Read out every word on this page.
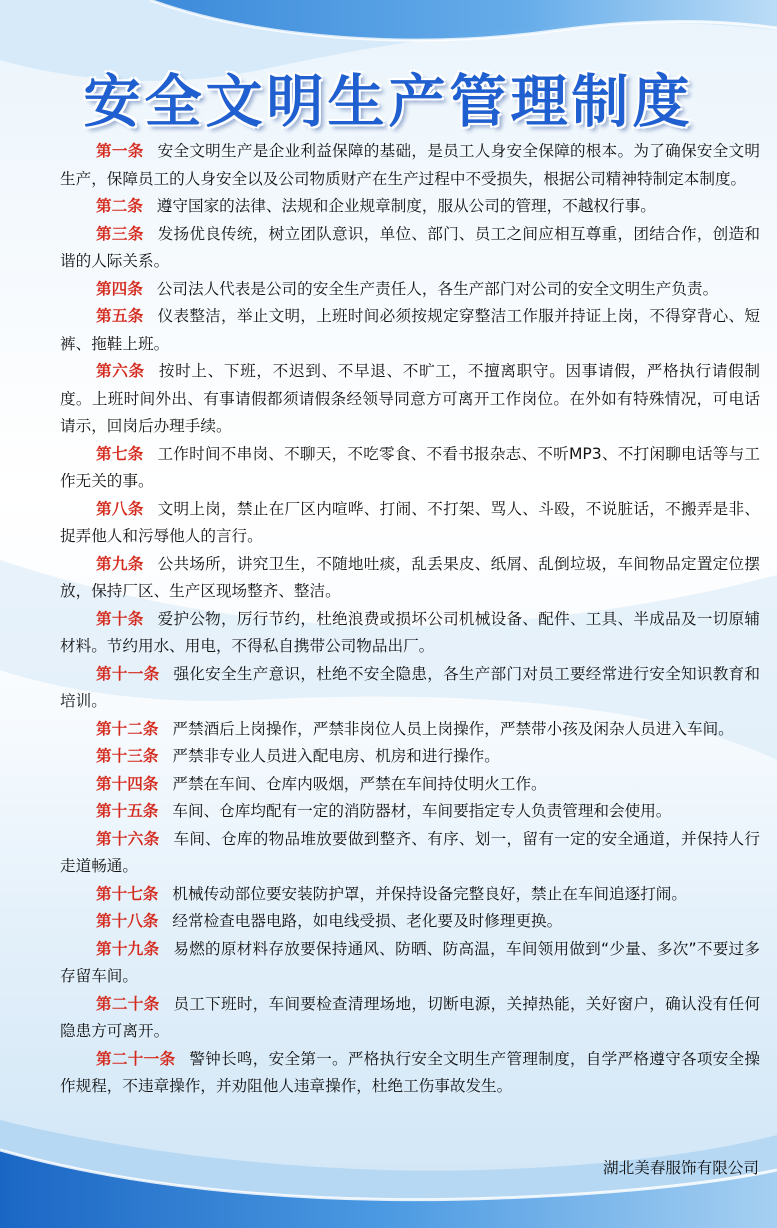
安全文明生产管理制度

第一条 安全文明生产是企业利益保障的基础，是员工人身安全保障的根本。为了确保安全文明生产，保障员工的人身安全以及公司物质财产在生产过程中不受损失，根据公司精神特制定本制度。

第二条 遵守国家的法律、法规和企业规章制度，服从公司的管理，不越权行事。

第三条 发扬优良传统，树立团队意识，单位、部门、员工之间应相互尊重，团结合作，创造和谐的人际关系。

第四条 公司法人代表是公司的安全生产责任人，各生产部门对公司的安全文明生产负责。

第五条 仪表整洁，举止文明，上班时间必须按规定穿整洁工作服并持证上岗，不得穿背心、短裤、拖鞋上班。

第六条 按时上、下班，不迟到、不早退、不旷工，不擅离职守。因事请假，严格执行请假制度。上班时间外出、有事请假都须请假条经领导同意方可离开工作岗位。在外如有特殊情况，可电话请示，回岗后办理手续。

第七条 工作时间不串岗、不聊天，不吃零食、不看书报杂志、不听MP3、不打闲聊电话等与工作无关的事。

第八条 文明上岗，禁止在厂区内喧哗、打闹、不打架、骂人、斗殴，不说脏话，不搬弄是非、捉弄他人和污辱他人的言行。

第九条 公共场所，讲究卫生，不随地吐痰，乱丢果皮、纸屑、乱倒垃圾，车间物品定置定位摆放，保持厂区、生产区现场整齐、整洁。

第十条 爱护公物，厉行节约，杜绝浪费或损坏公司机械设备、配件、工具、半成品及一切原辅材料。节约用水、用电，不得私自携带公司物品出厂。

第十一条 强化安全生产意识，杜绝不安全隐患，各生产部门对员工要经常进行安全知识教育和培训。

第十二条 严禁酒后上岗操作，严禁非岗位人员上岗操作，严禁带小孩及闲杂人员进入车间。

第十三条 严禁非专业人员进入配电房、机房和进行操作。

第十四条 严禁在车间、仓库内吸烟，严禁在车间持仗明火工作。

第十五条 车间、仓库均配有一定的消防器材，车间要指定专人负责管理和会使用。

第十六条 车间、仓库的物品堆放要做到整齐、有序、划一，留有一定的安全通道，并保持人行走道畅通。

第十七条 机械传动部位要安装防护罩，并保持设备完整良好，禁止在车间追逐打闹。

第十八条 经常检查电器电路，如电线受损、老化要及时修理更换。

第十九条 易燃的原材料存放要保持通风、防晒、防高温，车间领用做到“少量、多次”不要过多存留车间。

第二十条 员工下班时，车间要检查清理场地，切断电源，关掉热能，关好窗户，确认没有任何隐患方可离开。

第二十一条 警钟长鸣，安全第一。严格执行安全文明生产管理制度，自学严格遵守各项安全操作规程，不违章操作，并劝阻他人违章操作，杜绝工伤事故发生。

湖北美春服饰有限公司
